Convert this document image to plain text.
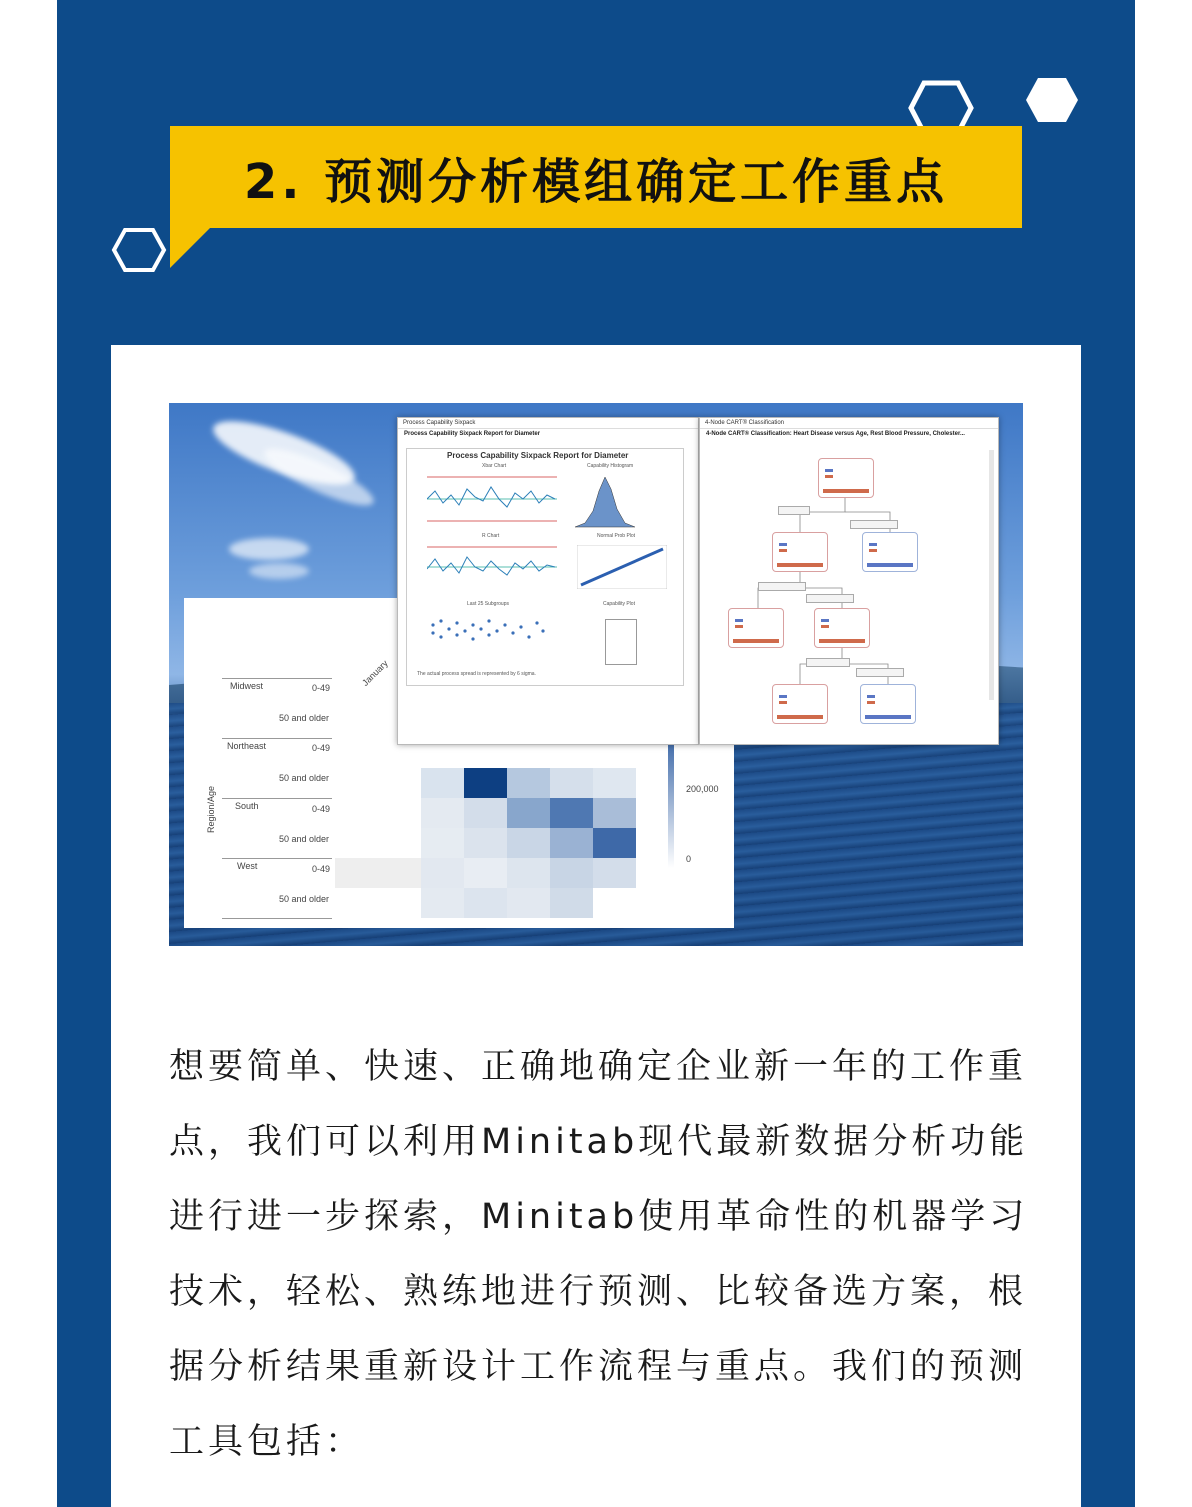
2. 预测分析模组确定工作重点
January
Region/Age
Midwest	0-49
50 and older
Northeast	0-49
50 and older
South	0-49
50 and older
West	0-49
50 and older
200,000
0
Process Capability Sixpack
Process Capability Sixpack Report for Diameter
Process Capability Sixpack Report for Diameter
Xbar Chart	Capability Histogram
R Chart	Normal Prob Plot
Last 25 Subgroups	Capability Plot
The actual process spread is represented by 6 sigma.
4-Node CART® Classification
4-Node CART® Classification: Heart Disease versus Age, Rest Blood Pressure, Cholester...
想要简单、快速、正确地确定企业新一年的工作重点，我们可以利用Minitab现代最新数据分析功能进行进一步探索，Minitab使用革命性的机器学习技术，轻松、熟练地进行预测、比较备选方案，根据分析结果重新设计工作流程与重点。我们的预测工具包括：
